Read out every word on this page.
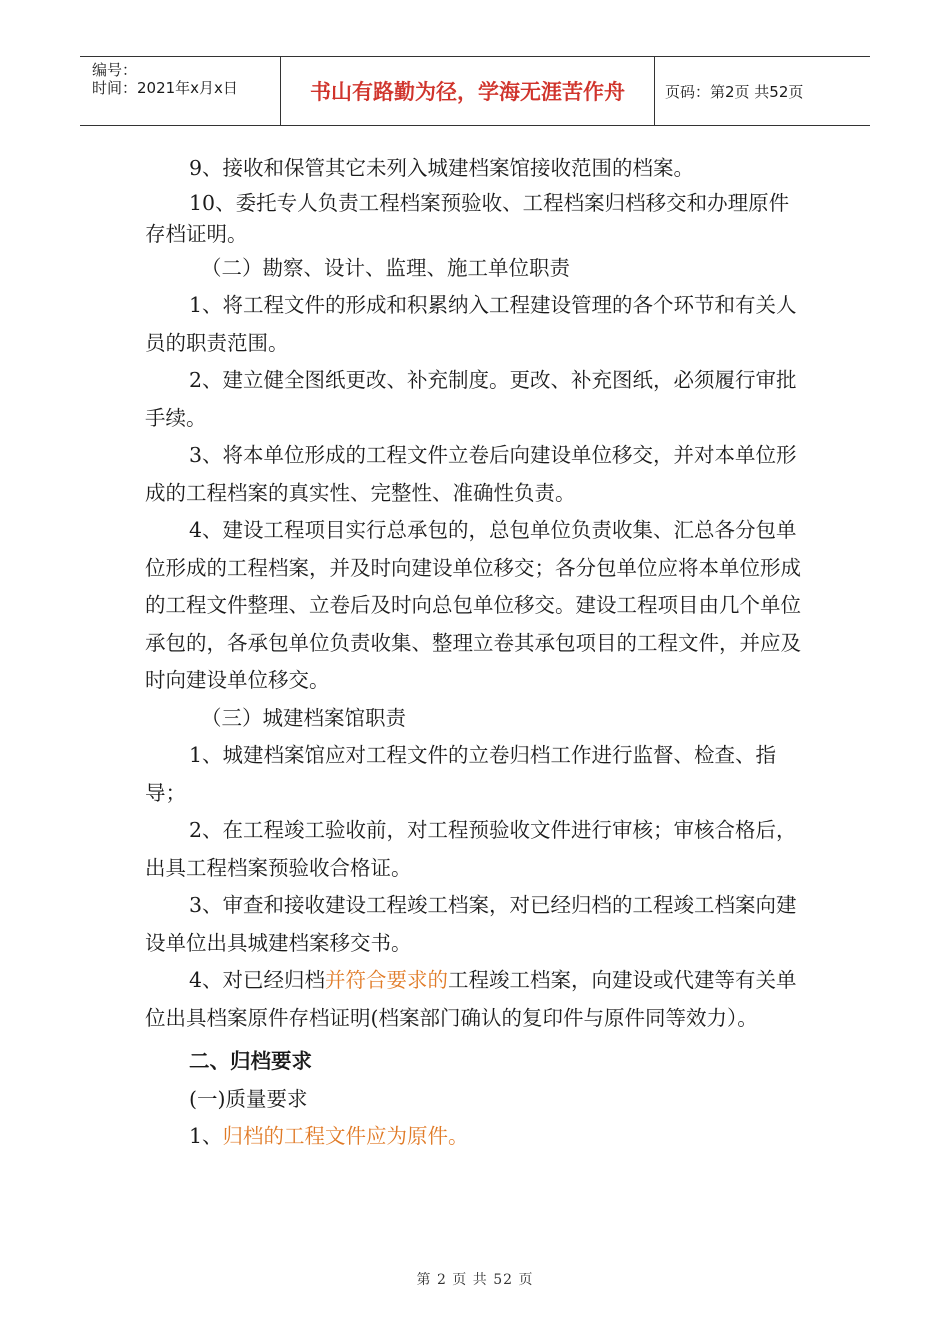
编号：
时间：2021年x月x日	书山有路勤为径，学海无涯苦作舟	页码：第2页 共52页

9、接收和保管其它未列入城建档案馆接收范围的档案。

10、委托专人负责工程档案预验收、工程档案归档移交和办理原件存档证明。

（二）勘察、设计、监理、施工单位职责

1、将工程文件的形成和积累纳入工程建设管理的各个环节和有关人员的职责范围。

2、建立健全图纸更改、补充制度。更改、补充图纸，必须履行审批手续。

3、将本单位形成的工程文件立卷后向建设单位移交，并对本单位形成的工程档案的真实性、完整性、准确性负责。

4、建设工程项目实行总承包的，总包单位负责收集、汇总各分包单位形成的工程档案，并及时向建设单位移交；各分包单位应将本单位形成的工程文件整理、立卷后及时向总包单位移交。建设工程项目由几个单位承包的，各承包单位负责收集、整理立卷其承包项目的工程文件，并应及时向建设单位移交。

（三）城建档案馆职责

1、城建档案馆应对工程文件的立卷归档工作进行监督、检查、指导；

2、在工程竣工验收前，对工程预验收文件进行审核；审核合格后，出具工程档案预验收合格证。

3、审查和接收建设工程竣工档案，对已经归档的工程竣工档案向建设单位出具城建档案移交书。

4、对已经归档并符合要求的工程竣工档案，向建设或代建等有关单位出具档案原件存档证明(档案部门确认的复印件与原件同等效力）。

二、归档要求

(一)质量要求

1、归档的工程文件应为原件。

第 2 页 共 52 页
